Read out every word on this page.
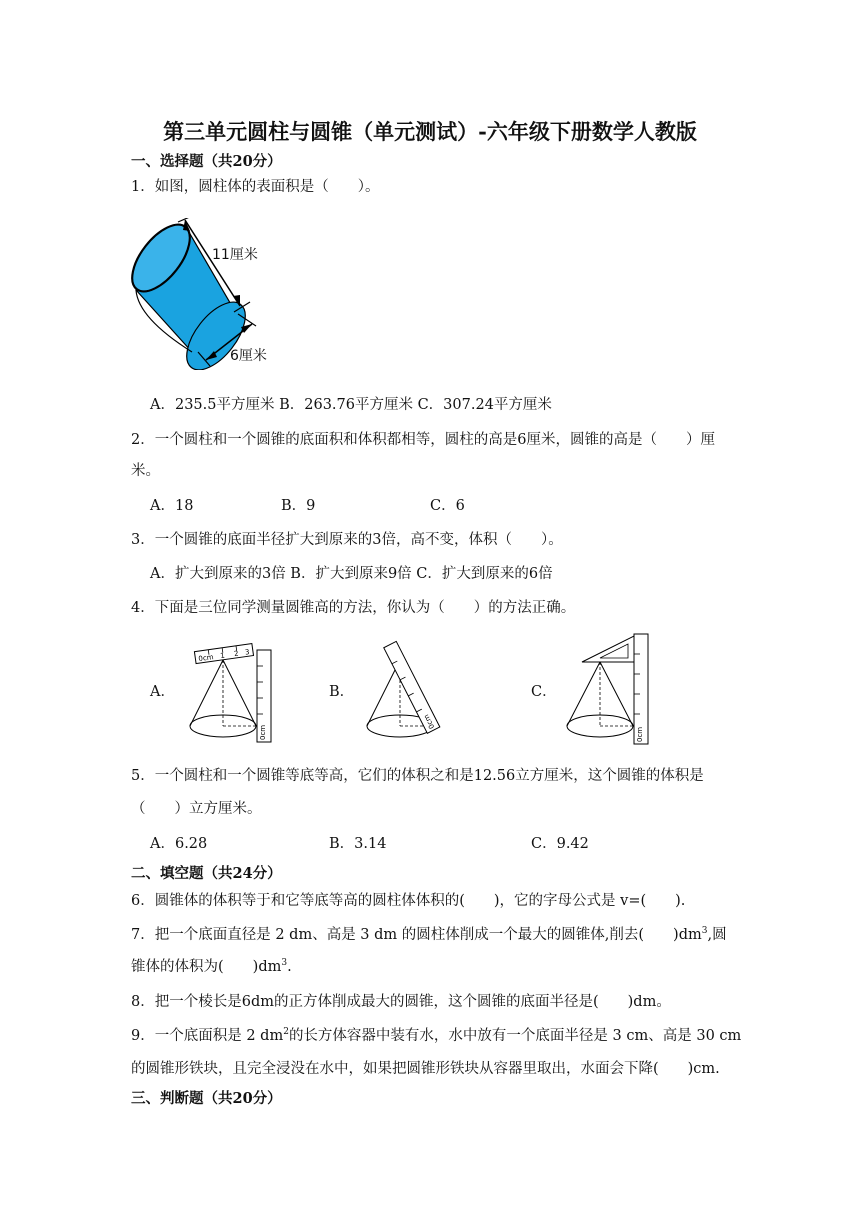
第三单元圆柱与圆锥（单元测试）-六年级下册数学人教版
一、选择题（共20分）
1．如图，圆柱体的表面积是（　　）。
11厘米
6厘米
A．235.5平方厘米 B．263.76平方厘米 C．307.24平方厘米
2．一个圆柱和一个圆锥的底面积和体积都相等，圆柱的高是6厘米，圆锥的高是（　　）厘
米。
A．18	B．9	C．6
3．一个圆锥的底面半径扩大到原来的3倍，高不变，体积（　　）。
A．扩大到原来的3倍 B．扩大到原来9倍 C．扩大到原来的6倍
4．下面是三位同学测量圆锥高的方法，你认为（　　）的方法正确。
A．	B．	C．
0cm 1 2 3
0cm
0cm
0cm
5．一个圆柱和一个圆锥等底等高，它们的体积之和是12.56立方厘米，这个圆锥的体积是
（　　）立方厘米。
A．6.28	B．3.14	C．9.42
二、填空题（共24分）
6．圆锥体的体积等于和它等底等高的圆柱体体积的(　　)，它的字母公式是 v=(　　).
7．把一个底面直径是 2 dm、高是 3 dm 的圆柱体削成一个最大的圆锥体,削去(　　)$dm^3$,圆
锥体的体积为(　　)$dm^3$.
8．把一个棱长是6dm的正方体削成最大的圆锥，这个圆锥的底面半径是(　　)dm。
9．一个底面积是 2 $dm^2$的长方体容器中装有水，水中放有一个底面半径是 3 cm、高是 30 cm
的圆锥形铁块，且完全浸没在水中，如果把圆锥形铁块从容器里取出，水面会下降(　　)cm.
三、判断题（共20分）
